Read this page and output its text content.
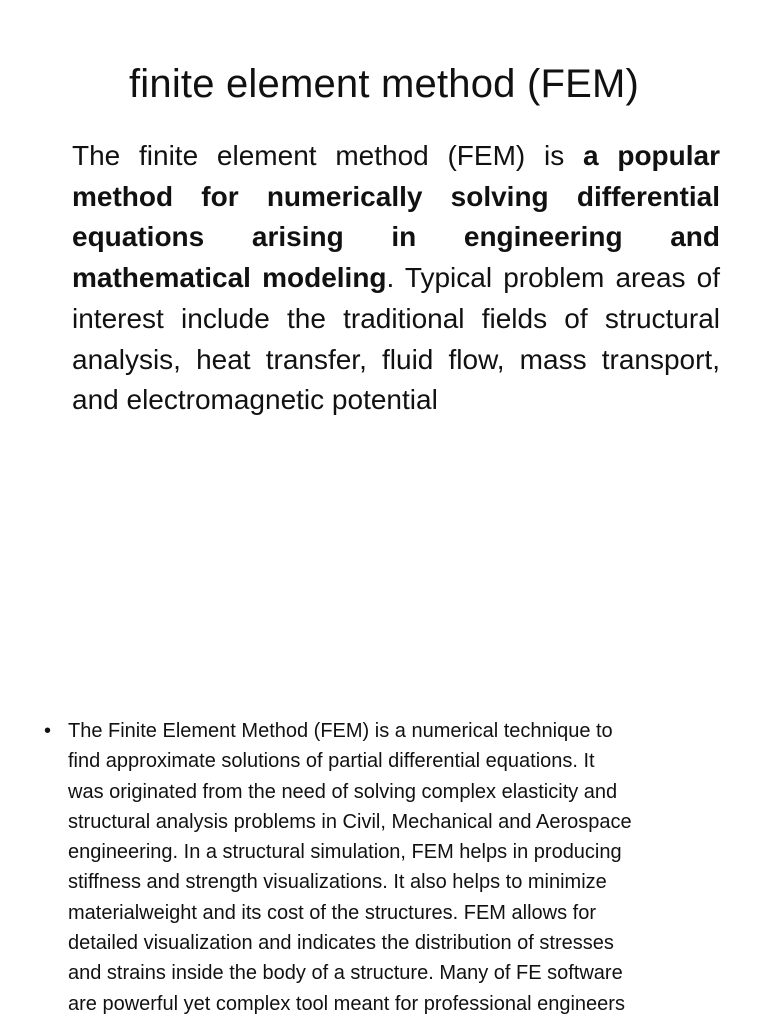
finite element method (FEM)

The finite element method (FEM) is a popular method for numerically solving differential equations arising in engineering and mathematical modeling. Typical problem areas of interest include the traditional fields of structural analysis, heat transfer, fluid flow, mass transport, and electromagnetic potential

• The Finite Element Method (FEM) is a numerical technique to
find approximate solutions of partial differential equations. It
was originated from the need of solving complex elasticity and
structural analysis problems in Civil, Mechanical and Aerospace
engineering. In a structural simulation, FEM helps in producing
stiffness and strength visualizations. It also helps to minimize
materialweight and its cost of the structures. FEM allows for
detailed visualization and indicates the distribution of stresses
and strains inside the body of a structure. Many of FE software
are powerful yet complex tool meant for professional engineers
